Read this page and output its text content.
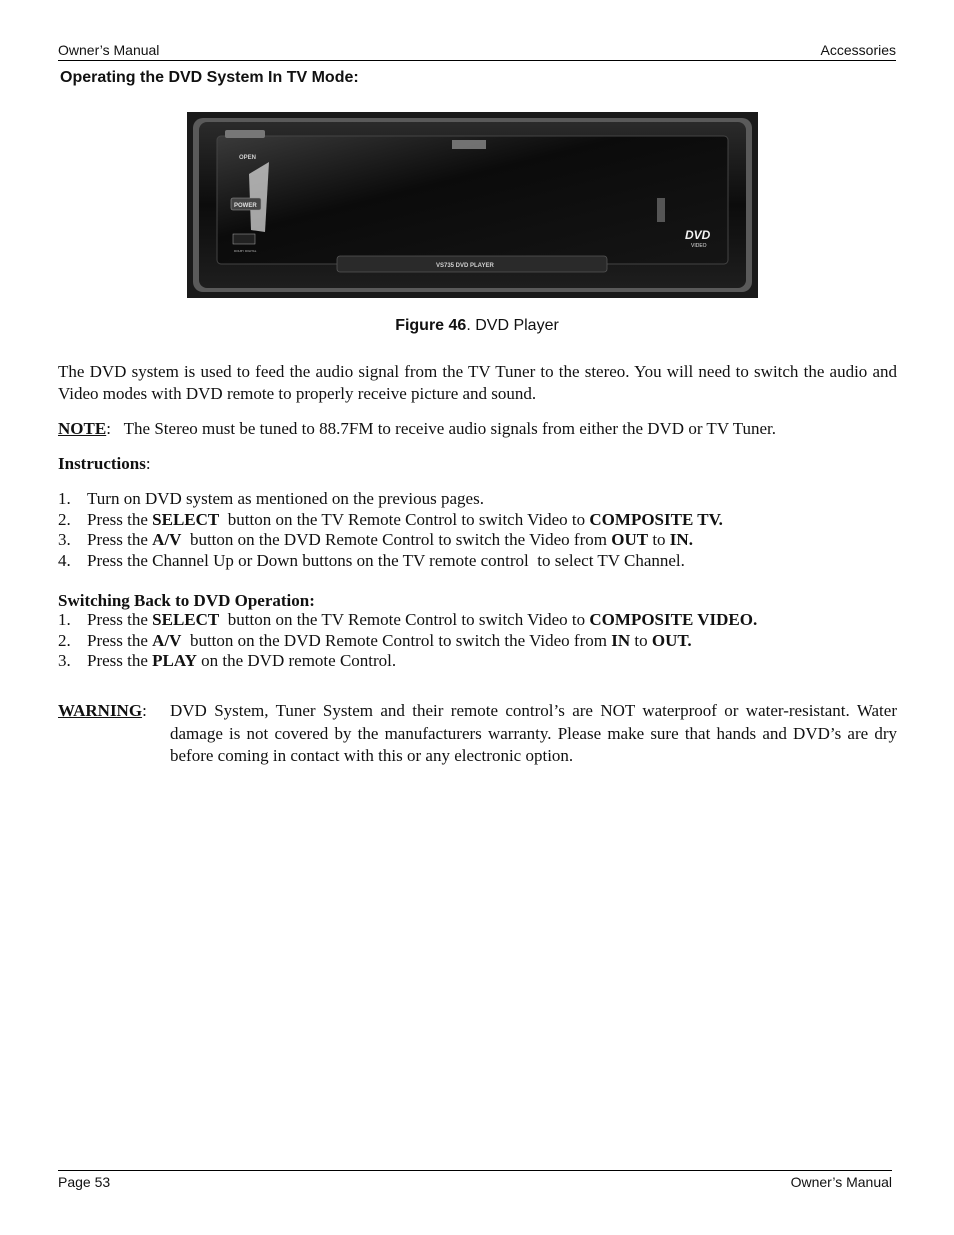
Owner’s Manual	Accessories
Operating the DVD System In TV Mode:
OPEN
POWER
DOLBY DIGITAL
DVD
VIDEO
VS735 DVD PLAYER
Figure 46. DVD Player
The DVD system is used to feed the audio signal from the TV Tuner to the stereo. You will need to switch the audio and Video modes with DVD remote to properly receive picture and sound.
NOTE: The Stereo must be tuned to 88.7FM to receive audio signals from either the DVD or TV Tuner.
Instructions:
1. Turn on DVD system as mentioned on the previous pages.
2. Press the SELECT  button on the TV Remote Control to switch Video to COMPOSITE TV.
3. Press the A/V  button on the DVD Remote Control to switch the Video from OUT to IN.
4. Press the Channel Up or Down buttons on the TV remote control  to select TV Channel.
Switching Back to DVD Operation:
1. Press the SELECT  button on the TV Remote Control to switch Video to COMPOSITE VIDEO.
2. Press the A/V  button on the DVD Remote Control to switch the Video from IN to OUT.
3. Press the PLAY on the DVD remote Control.
WARNING: DVD System, Tuner System and their remote control’s are NOT waterproof or water-resistant. Water damage is not covered by the manufacturers warranty. Please make sure that hands and DVD’s are dry before coming in contact with this or any electronic option.
Page 53	Owner’s Manual
